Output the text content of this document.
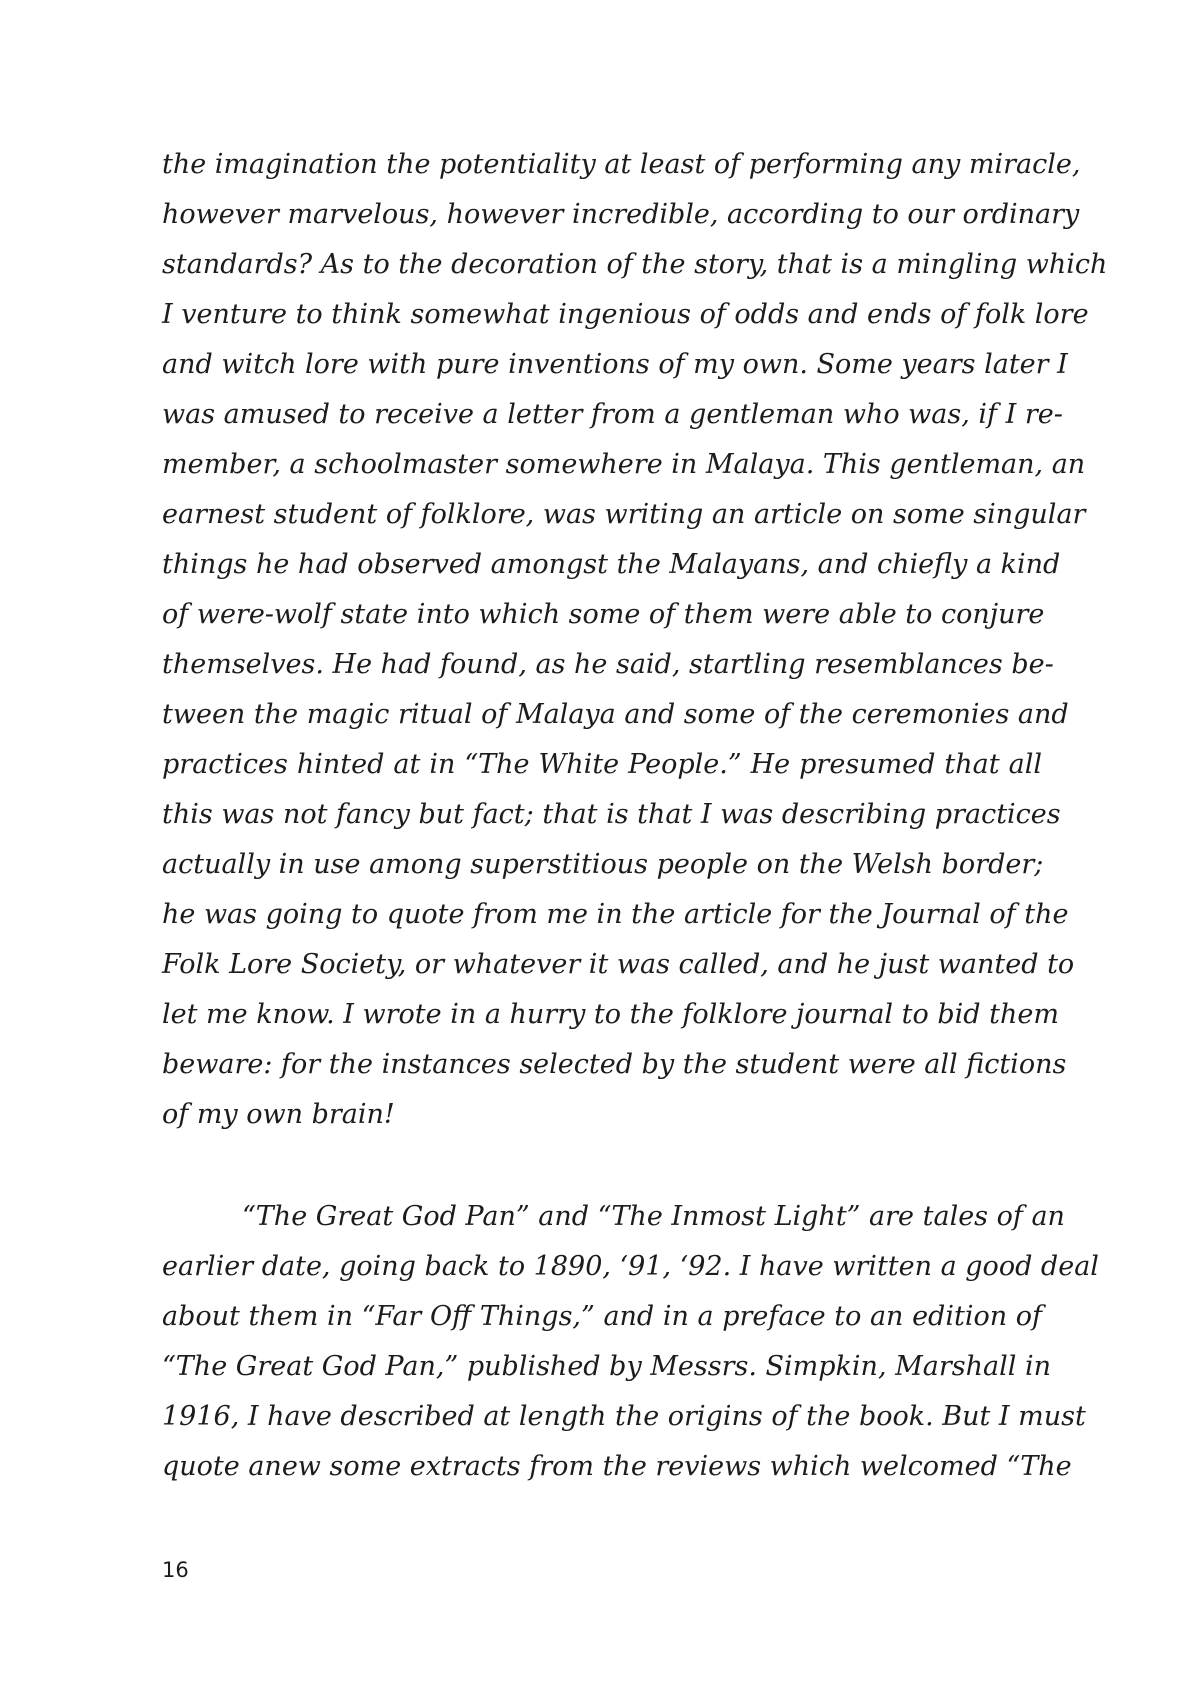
the imagination the potentiality at least of performing any miracle,
however marvelous, however incredible, according to our ordinary
standards? As to the decoration of the story, that is a mingling which
I venture to think somewhat ingenious of odds and ends of folk lore
and witch lore with pure inventions of my own. Some years later I
was amused to receive a letter from a gentleman who was, if I re-
member, a schoolmaster somewhere in Malaya. This gentleman, an
earnest student of folklore, was writing an article on some singular
things he had observed amongst the Malayans, and chiefly a kind
of were-wolf state into which some of them were able to conjure
themselves. He had found, as he said, startling resemblances be-
tween the magic ritual of Malaya and some of the ceremonies and
practices hinted at in “The White People.” He presumed that all
this was not fancy but fact; that is that I was describing practices
actually in use among superstitious people on the Welsh border;
he was going to quote from me in the article for the Journal of the
Folk Lore Society, or whatever it was called, and he just wanted to
let me know. I wrote in a hurry to the folklore journal to bid them
beware: for the instances selected by the student were all fictions
of my own brain!
“The Great God Pan” and “The Inmost Light” are tales of an
earlier date, going back to 1890, ‘91, ‘92. I have written a good deal
about them in “Far Off Things,” and in a preface to an edition of
“The Great God Pan,” published by Messrs. Simpkin, Marshall in
1916, I have described at length the origins of the book. But I must
quote anew some extracts from the reviews which welcomed “The
16
